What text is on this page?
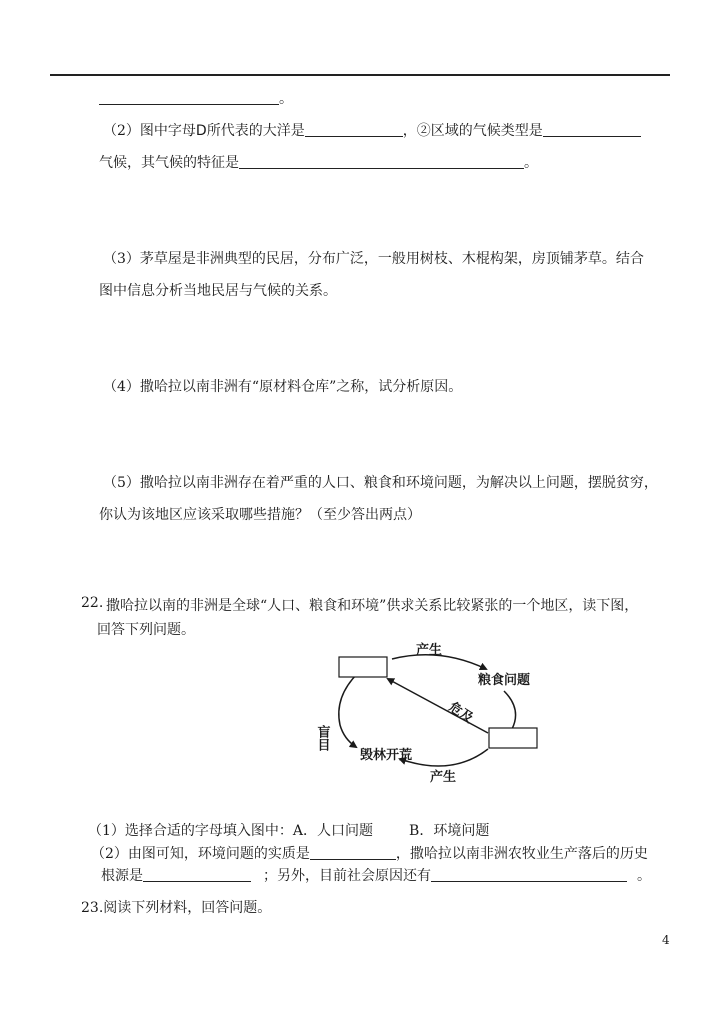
。
（2）图中字母D所代表的大洋是	，②区域的气候类型是
气候，其气候的特征是	。
（3）茅草屋是非洲典型的民居，分布广泛，一般用树枝、木棍构架，房顶铺茅草。结合
图中信息分析当地民居与气候的关系。
（4）撒哈拉以南非洲有“原材料仓库”之称，试分析原因。
（5）撒哈拉以南非洲存在着严重的人口、粮食和环境问题，为解决以上问题，摆脱贫穷，
你认为该地区应该采取哪些措施？（至少答出两点）
22. 撒哈拉以南的非洲是全球“人口、粮食和环境”供求关系比较紧张的一个地区，读下图，
回答下列问题。
产生
粮食问题
危及
盲目
毁林开荒
产生
（1）选择合适的字母填入图中：A．人口问题	B．环境问题
（2）由图可知，环境问题的实质是	，撒哈拉以南非洲农牧业生产落后的历史
根源是	；另外，目前社会原因还有	。
23.阅读下列材料，回答问题。
4
